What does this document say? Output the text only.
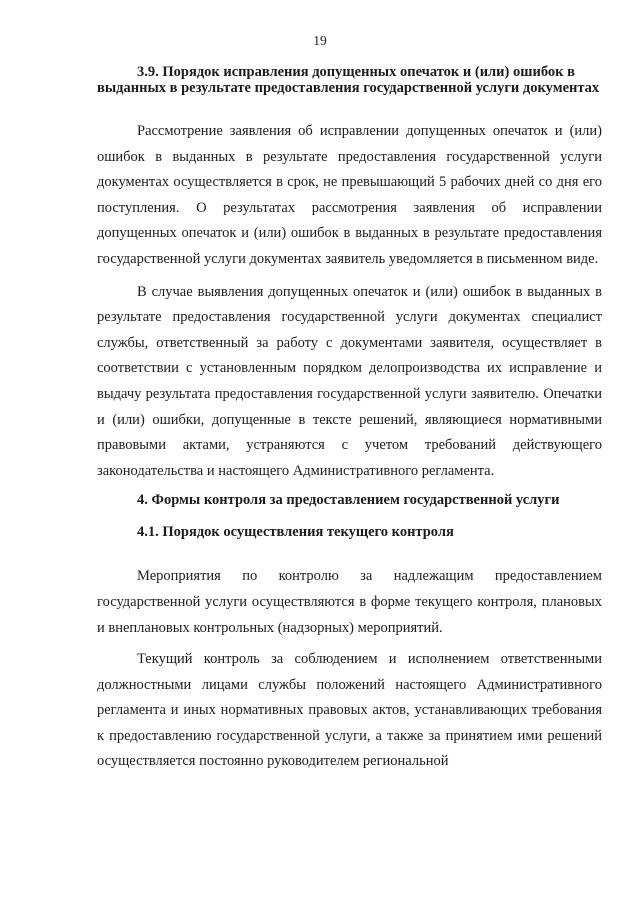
19

3.9. Порядок исправления допущенных опечаток и (или) ошибок в
выданных в результате предоставления государственной услуги документах

Рассмотрение заявления об исправлении допущенных опечаток и (или) ошибок в выданных в результате предоставления государственной услуги документах осуществляется в срок, не превышающий 5 рабочих дней со дня его поступления. О результатах рассмотрения заявления об исправлении допущенных опечаток и (или) ошибок в выданных в результате предоставления государственной услуги документах заявитель уведомляется в письменном виде.

В случае выявления допущенных опечаток и (или) ошибок в выданных в результате предоставления государственной услуги документах специалист службы, ответственный за работу с документами заявителя, осуществляет в соответствии с установленным порядком делопроизводства их исправление и выдачу результата предоставления государственной услуги заявителю. Опечатки и (или) ошибки, допущенные в тексте решений, являющиеся нормативными правовыми актами, устраняются с учетом требований действующего законодательства и настоящего Административного регламента.

4. Формы контроля за предоставлением государственной услуги
4.1. Порядок осуществления текущего контроля

Мероприятия по контролю за надлежащим предоставлением государственной услуги осуществляются в форме текущего контроля, плановых и внеплановых контрольных (надзорных) мероприятий.

Текущий контроль за соблюдением и исполнением ответственными должностными лицами службы положений настоящего Административного регламента и иных нормативных правовых актов, устанавливающих требования к предоставлению государственной услуги, а также за принятием ими решений осуществляется постоянно руководителем региональной
